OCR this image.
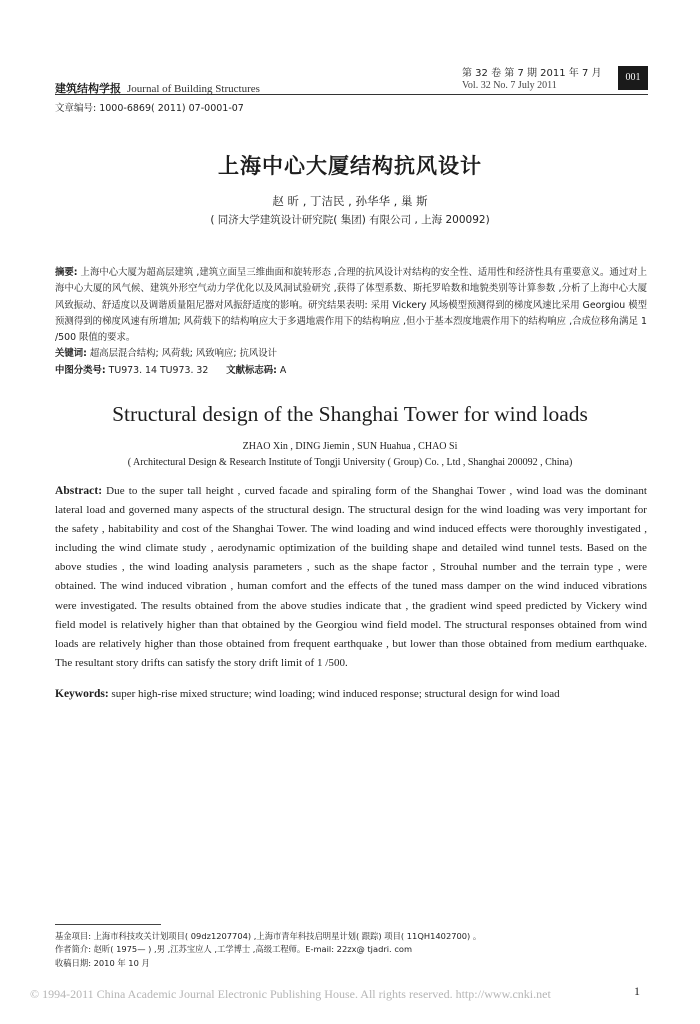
建筑结构学报 Journal of Building Structures
第 32 卷 第 7 期 2011 年 7 月
Vol. 32 No. 7 July 2011
001
文章编号: 1000-6869( 2011) 07-0001-07
上海中心大厦结构抗风设计
赵 昕 , 丁洁民 , 孙华华 , 巢 斯
( 同济大学建筑设计研究院( 集团) 有限公司 , 上海 200092)

摘要: 上海中心大厦为超高层建筑 ,建筑立面呈三维曲面和旋转形态 ,合理的抗风设计对结构的安全性、适用性和经济性具有重要意义。通过对上海中心大厦的风气候、建筑外形空气动力学优化以及风洞试验研究 ,获得了体型系数、斯托罗哈数和地貌类别等计算参数 ,分析了上海中心大厦风致振动、舒适度以及调谐质量阻尼器对风振舒适度的影响。研究结果表明: 采用 Vickery 风场模型预测得到的梯度风速比采用 Georgiou 模型预测得到的梯度风速有所增加; 风荷载下的结构响应大于多遇地震作用下的结构响应 ,但小于基本烈度地震作用下的结构响应 ,合成位移角满足 1 /500 限值的要求。

关键词: 超高层混合结构; 风荷载; 风致响应; 抗风设计

中图分类号: TU973. 14 TU973. 32 文献标志码: A

Structural design of the Shanghai Tower for wind loads
ZHAO Xin , DING Jiemin , SUN Huahua , CHAO Si
( Architectural Design & Research Institute of Tongji University ( Group) Co. , Ltd , Shanghai 200092 , China)
Abstract: Due to the super tall height , curved facade and spiraling form of the Shanghai Tower , wind load was the dominant lateral load and governed many aspects of the structural design. The structural design for the wind loading was very important for the safety , habitability and cost of the Shanghai Tower. The wind loading and wind induced effects were thoroughly investigated , including the wind climate study , aerodynamic optimization of the building shape and detailed wind tunnel tests. Based on the above studies , the wind loading analysis parameters , such as the shape factor , Strouhal number and the terrain type , were obtained. The wind induced vibration , human comfort and the effects of the tuned mass damper on the wind induced vibrations were investigated. The results obtained from the above studies indicate that , the gradient wind speed predicted by Vickery wind field model is relatively higher than that obtained by the Georgiou wind field model. The structural responses obtained from wind loads are relatively higher than those obtained from frequent earthquake , but lower than those obtained from medium earthquake. The resultant story drifts can satisfy the story drift limit of 1 /500.
Keywords: super high-rise mixed structure; wind loading; wind induced response; structural design for wind load

基金项目: 上海市科技攻关计划项目( 09dz1207704) ,上海市青年科技启明星计划( 跟踪) 项目( 11QH1402700) 。

作者简介: 赵昕( 1975— ) ,男 ,江苏宝应人 ,工学博士 ,高级工程师。E-mail: 22zx@ tjadri. com

收稿日期: 2010 年 10 月

© 1994-2011 China Academic Journal Electronic Publishing House. All rights reserved. http://www.cnki.net	1
